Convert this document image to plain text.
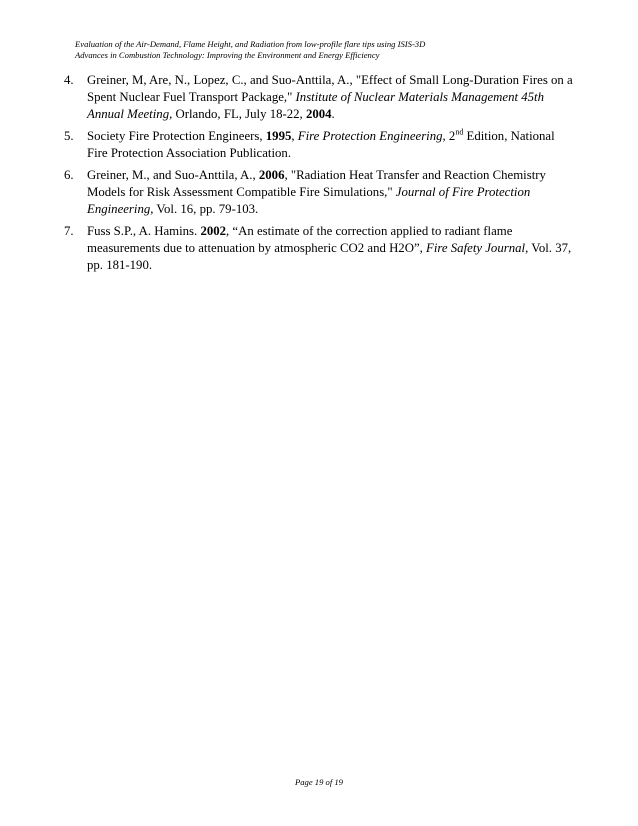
Evaluation of the Air-Demand, Flame Height, and Radiation from low-profile flare tips using ISIS-3D
Advances in Combustion Technology: Improving the Environment and Energy Efficiency
4. Greiner, M, Are, N., Lopez, C., and Suo-Anttila, A., "Effect of Small Long-Duration Fires on a Spent Nuclear Fuel Transport Package," Institute of Nuclear Materials Management 45th Annual Meeting, Orlando, FL, July 18-22, 2004.
5. Society Fire Protection Engineers, 1995, Fire Protection Engineering, 2nd Edition, National Fire Protection Association Publication.
6. Greiner, M., and Suo-Anttila, A., 2006, "Radiation Heat Transfer and Reaction Chemistry Models for Risk Assessment Compatible Fire Simulations," Journal of Fire Protection Engineering, Vol. 16, pp. 79-103.
7. Fuss S.P., A. Hamins. 2002, “An estimate of the correction applied to radiant flame measurements due to attenuation by atmospheric CO2 and H2O”, Fire Safety Journal, Vol. 37, pp. 181-190.
Page 19 of 19
